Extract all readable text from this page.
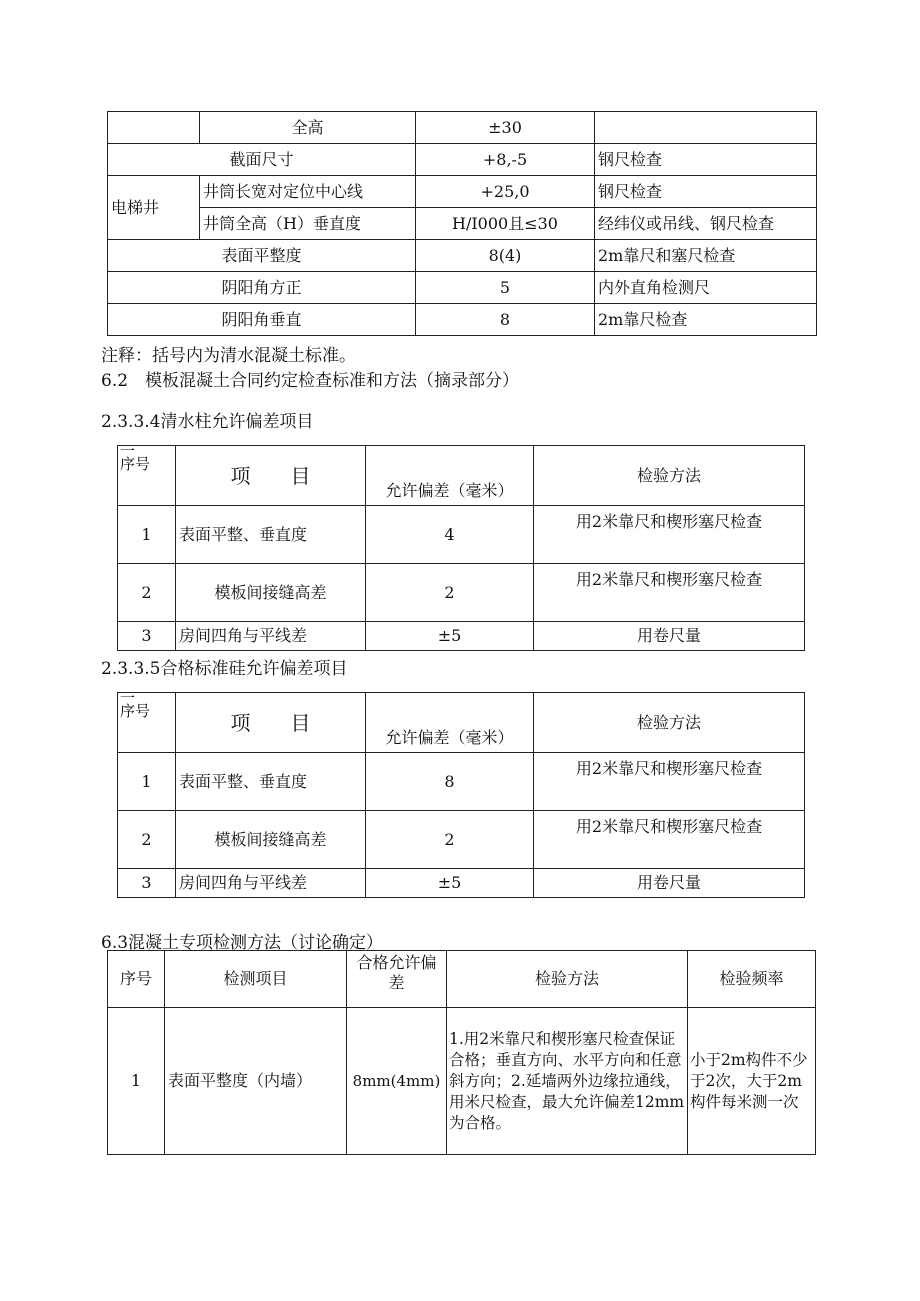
	全高	±30	
截面尺寸		+8,-5	钢尺检查
电梯井	井筒长宽对定位中心线	+25,0	钢尺检查
	井筒全高（H）垂直度	H/I000且≤30	经纬仪或吊线、钢尺检查
表面平整度		8(4)	2m靠尺和塞尺检查
阴阳角方正		5	内外直角检测尺
阴阳角垂直		8	2m靠尺检查
注释：括号内为清水混凝土标准。
6.2　模板混凝土合同约定检查标准和方法（摘录部分）
2.3.3.4清水柱允许偏差项目
一
序号	项　　目	允许偏差（毫米）	检验方法
1	表面平整、垂直度	4	用2米靠尺和楔形塞尺检查
2	模板间接缝高差	2	用2米靠尺和楔形塞尺检查
3	房间四角与平线差	±5	用卷尺量
2.3.3.5合格标准硅允许偏差项目
一
序号	项　　目	允许偏差（毫米）	检验方法
1	表面平整、垂直度	8	用2米靠尺和楔形塞尺检查
2	模板间接缝高差	2	用2米靠尺和楔形塞尺检查
3	房间四角与平线差	±5	用卷尺量
6.3混凝土专项检测方法（讨论确定）
序号	检测项目	合格允许偏差	检验方法	检验频率
1	表面平整度（内墙）	8mm(4mm)	1.用2米靠尺和楔形塞尺检查保证合格；垂直方向、水平方向和任意斜方向；2.延墙两外边缘拉通线，用米尺检查，最大允许偏差12mm为合格。	小于2m构件不少于2次，大于2m构件每米测一次
